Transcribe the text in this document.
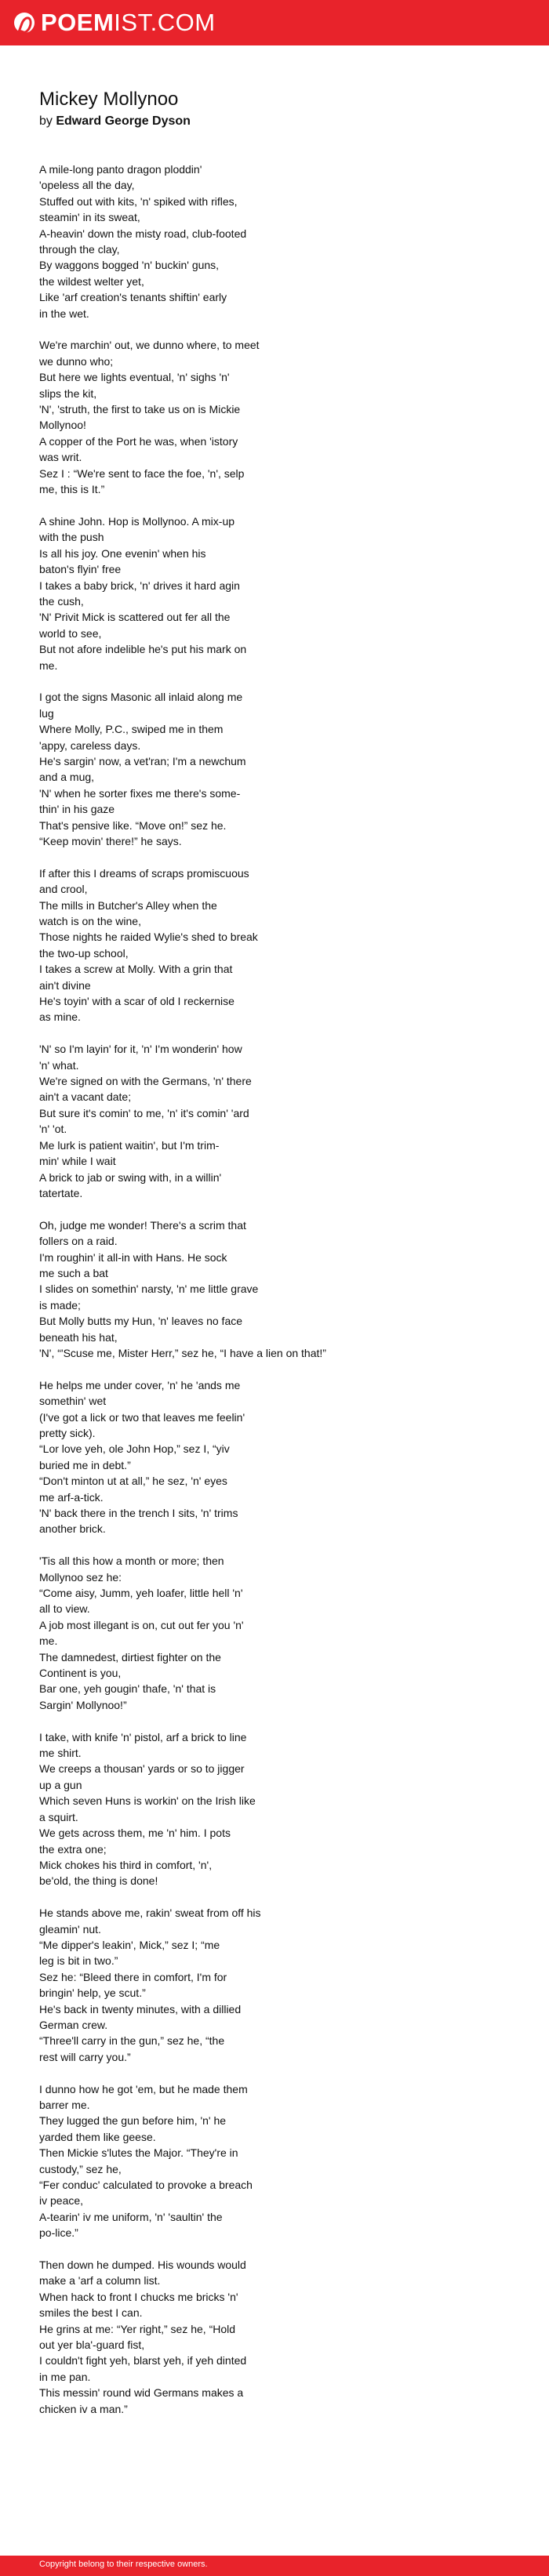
POEMIST.COM
Mickey Mollynoo
by Edward George Dyson
A mile-long panto dragon ploddin'
'opeless all the day,
Stuffed out with kits, 'n' spiked with rifles,
steamin' in its sweat,
A-heavin' down the misty road, club-footed
through the clay,
By waggons bogged 'n' buckin' guns,
the wildest welter yet,
Like 'arf creation's tenants shiftin' early
in the wet.
We're marchin' out, we dunno where, to meet
we dunno who;
But here we lights eventual, 'n' sighs 'n'
slips the kit,
'N', 'struth, the first to take us on is Mickie
Mollynoo!
A copper of the Port he was, when 'istory
was writ.
Sez I : “We're sent to face the foe, 'n', selp
me, this is It.”
A shine John. Hop is Mollynoo. A mix-up
with the push
Is all his joy. One evenin' when his
baton's flyin' free
I takes a baby brick, 'n' drives it hard agin
the cush,
'N' Privit Mick is scattered out fer all the
world to see,
But not afore indelible he's put his mark on
me.
I got the signs Masonic all inlaid along me
lug
Where Molly, P.C., swiped me in them
'appy, careless days.
He's sargin' now, a vet'ran; I'm a newchum
and a mug,
'N' when he sorter fixes me there's some-
thin' in his gaze
That's pensive like. “Move on!” sez he.
“Keep movin' there!” he says.
If after this I dreams of scraps promiscuous
and crool,
The mills in Butcher's Alley when the
watch is on the wine,
Those nights he raided Wylie's shed to break
the two-up school,
I takes a screw at Molly. With a grin that
ain't divine
He's toyin' with a scar of old I reckernise
as mine.
'N' so I'm layin' for it, 'n' I'm wonderin' how
'n' what.
We're signed on with the Germans, 'n' there
ain't a vacant date;
But sure it's comin' to me, 'n' it's comin' 'ard
'n' 'ot.
Me lurk is patient waitin', but I'm trim-
min' while I wait
A brick to jab or swing with, in a willin'
tatertate.
Oh, judge me wonder! There's a scrim that
follers on a raid.
I'm roughin' it all-in with Hans. He sock
me such a bat
I slides on somethin' narsty, 'n' me little grave
is made;
But Molly butts my Hun, 'n' leaves no face
beneath his hat,
'N', “'Scuse me, Mister Herr,” sez he, “I have a lien on that!”
He helps me under cover, 'n' he 'ands me
somethin' wet
(I've got a lick or two that leaves me feelin'
pretty sick).
“Lor love yeh, ole John Hop,” sez I, “yiv
buried me in debt.”
“Don't minton ut at all,” he sez, 'n' eyes
me arf-a-tick.
'N' back there in the trench I sits, 'n' trims
another brick.
'Tis all this how a month or more; then
Mollynoo sez he:
“Come aisy, Jumm, yeh loafer, little hell 'n'
all to view.
A job most illegant is on, cut out fer you 'n'
me.
The damnedest, dirtiest fighter on the
Continent is you,
Bar one, yeh gougin' thafe, 'n' that is
Sargin' Mollynoo!”
I take, with knife 'n' pistol, arf a brick to line
me shirt.
We creeps a thousan' yards or so to jigger
up a gun
Which seven Huns is workin' on the Irish like
a squirt.
We gets across them, me 'n' him. I pots
the extra one;
Mick chokes his third in comfort, 'n',
be'old, the thing is done!
He stands above me, rakin' sweat from off his
gleamin' nut.
“Me dipper's leakin', Mick,” sez I; “me
leg is bit in two.”
Sez he: “Bleed there in comfort, I'm for
bringin' help, ye scut.”
He's back in twenty minutes, with a dillied
German crew.
“Three'll carry in the gun,” sez he, “the
rest will carry you.”
I dunno how he got 'em, but he made them
barrer me.
They lugged the gun before him, 'n' he
yarded them like geese.
Then Mickie s'lutes the Major. “They're in
custody,” sez he,
“Fer conduc' calculated to provoke a breach
iv peace,
A-tearin' iv me uniform, 'n' 'saultin' the
po-lice.”
Then down he dumped. His wounds would
make a 'arf a column list.
When hack to front I chucks me bricks 'n'
smiles the best I can.
He grins at me: “Yer right,” sez he, “Hold
out yer bla'-guard fist,
I couldn't fight yeh, blarst yeh, if yeh dinted
in me pan.
This messin' round wid Germans makes a
chicken iv a man.”
Copyright belong to their respective owners.
